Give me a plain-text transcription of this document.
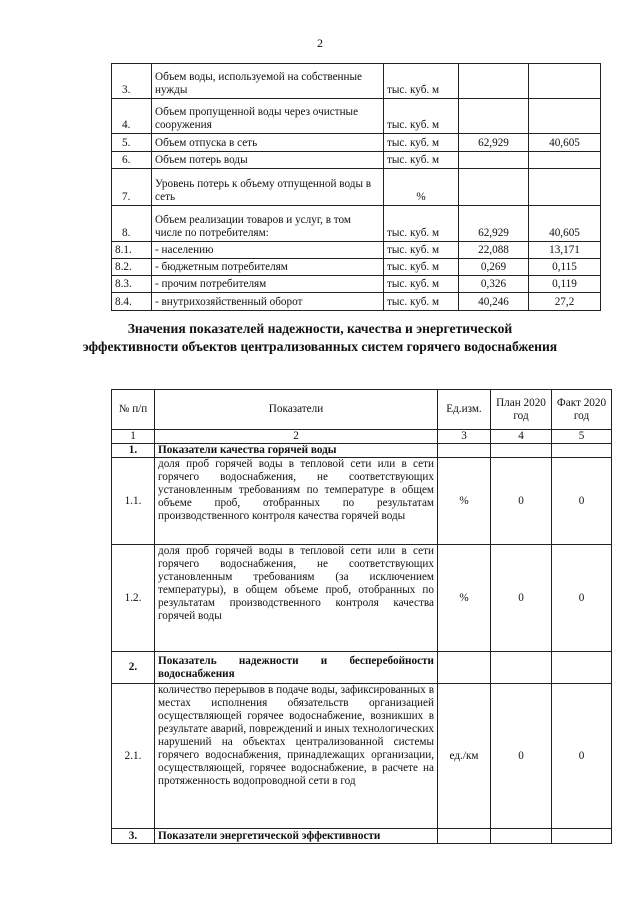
2
3.	Объем воды, используемой на собственные нужды	тыс. куб. м		
4.	Объем пропущенной воды через очистные сооружения	тыс. куб. м		
5.	Объем отпуска в сеть	тыс. куб. м	62,929	40,605
6.	Объем потерь воды	тыс. куб. м		
7.	Уровень потерь к объему отпущенной воды в сеть	%		
8.	Объем реализации товаров и услуг, в том числе по потребителям:	тыс. куб. м	62,929	40,605
8.1.	- населению	тыс. куб. м	22,088	13,171
8.2.	- бюджетным потребителям	тыс. куб. м	0,269	0,115
8.3.	- прочим потребителям	тыс. куб. м	0,326	0,119
8.4.	- внутрихозяйственный оборот	тыс. куб. м	40,246	27,2
Значения показателей надежности, качества и энергетической эффективности объектов централизованных систем горячего водоснабжения
№ п/п	Показатели	Ед.изм.	План 2020 год	Факт 2020 год
1	2	3	4	5
1.	Показатели качества горячей воды			
1.1.	доля проб горячей воды в тепловой сети или в сети горячего водоснабжения, не соответствующих установленным требованиям по температуре в общем объеме проб, отобранных по результатам производственного контроля качества горячей воды	%	0	0
1.2.	доля проб горячей воды в тепловой сети или в сети горячего водоснабжения, не соответствующих установленным требованиям (за исключением температуры), в общем объеме проб, отобранных по результатам производственного контроля качества горячей воды	%	0	0
2.	Показатель надежности и бесперебойности водоснабжения			
2.1.	количество перерывов в подаче воды, зафиксированных в местах исполнения обязательств организацией осуществляющей горячее водоснабжение, возникших в результате аварий, повреждений и иных технологических нарушений на объектах централизованной системы горячего водоснабжения, принадлежащих организации, осуществляющей, горячее водоснабжение, в расчете на протяженность водопроводной сети в год	ед./км	0	0
3.	Показатели энергетической эффективности			
